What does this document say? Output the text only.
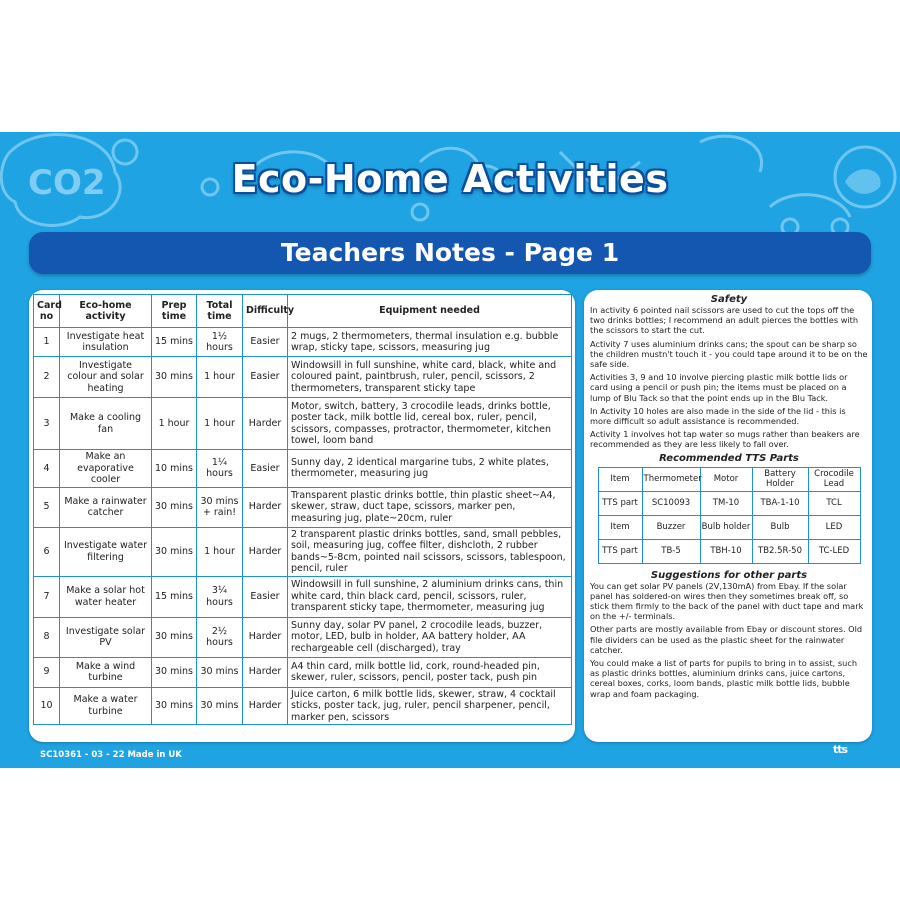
CO2	Eco-Home Activities
Teachers Notes - Page 1
Card no	Eco-home activity	Prep time	Total time	Difficulty	Equipment needed
1	Investigate heat insulation	15 mins	1½ hours	Easier	2 mugs, 2 thermometers, thermal insulation e.g. bubble wrap, sticky tape, scissors, measuring jug
2	Investigate colour and solar heating	30 mins	1 hour	Easier	Windowsill in full sunshine, white card, black, white and coloured paint, paintbrush, ruler, pencil, scissors, 2 thermometers, transparent sticky tape
3	Make a cooling fan	1 hour	1 hour	Harder	Motor, switch, battery, 3 crocodile leads, drinks bottle, poster tack, milk bottle lid, cereal box, ruler, pencil, scissors, compasses, protractor, thermometer, kitchen towel, loom band
4	Make an evaporative cooler	10 mins	1¼ hours	Easier	Sunny day, 2 identical margarine tubs, 2 white plates, thermometer, measuring jug
5	Make a rainwater catcher	30 mins	30 mins + rain!	Harder	Transparent plastic drinks bottle, thin plastic sheet~A4, skewer, straw, duct tape, scissors, marker pen, measuring jug, plate~20cm, ruler
6	Investigate water filtering	30 mins	1 hour	Harder	2 transparent plastic drinks bottles, sand, small pebbles, soil, measuring jug, coffee filter, dishcloth, 2 rubber bands~5-8cm, pointed nail scissors, scissors, tablespoon, pencil, ruler
7	Make a solar hot water heater	15 mins	3¼ hours	Easier	Windowsill in full sunshine, 2 aluminium drinks cans, thin white card, thin black card, pencil, scissors, ruler, transparent sticky tape, thermometer, measuring jug
8	Investigate solar PV	30 mins	2½ hours	Harder	Sunny day, solar PV panel, 2 crocodile leads, buzzer, motor, LED, bulb in holder, AA battery holder, AA rechargeable cell (discharged), tray
9	Make a wind turbine	30 mins	30 mins	Harder	A4 thin card, milk bottle lid, cork, round-headed pin, skewer, ruler, scissors, pencil, poster tack, push pin
10	Make a water turbine	30 mins	30 mins	Harder	Juice carton, 6 milk bottle lids, skewer, straw, 4 cocktail sticks, poster tack, jug, ruler, pencil sharpener, pencil, marker pen, scissors
Safety

In activity 6 pointed nail scissors are used to cut the tops off the two drinks bottles; I recommend an adult pierces the bottles with the scissors to start the cut.

Activity 7 uses aluminium drinks cans; the spout can be sharp so the children mustn't touch it - you could tape around it to be on the safe side.

Activities 3, 9 and 10 involve piercing plastic milk bottle lids or card using a pencil or push pin; the items must be placed on a lump of Blu Tack so that the point ends up in the Blu Tack.

In Activity 10 holes are also made in the side of the lid - this is more difficult so adult assistance is recommended.

Activity 1 involves hot tap water so mugs rather than beakers are recommended as they are less likely to fall over.

Recommended TTS Parts
Item	Thermometer	Motor	Battery Holder	Crocodile Lead
TTS part	SC10093	TM-10	TBA-1-10	TCL
Item	Buzzer	Bulb holder	Bulb	LED
TTS part	TB-5	TBH-10	TB2.5R-50	TC-LED
Suggestions for other parts

You can get solar PV panels (2V,130mA) from Ebay. If the solar panel has soldered-on wires then they sometimes break off, so stick them firmly to the back of the panel with duct tape and mark on the +/- terminals.

Other parts are mostly available from Ebay or discount stores. Old file dividers can be used as the plastic sheet for the rainwater catcher.

You could make a list of parts for pupils to bring in to assist, such as plastic drinks bottles, aluminium drinks cans, juice cartons, cereal boxes, corks, loom bands, plastic milk bottle lids, bubble wrap and foam packaging.

SC10361 - 03 - 22 Made in UK	tts
